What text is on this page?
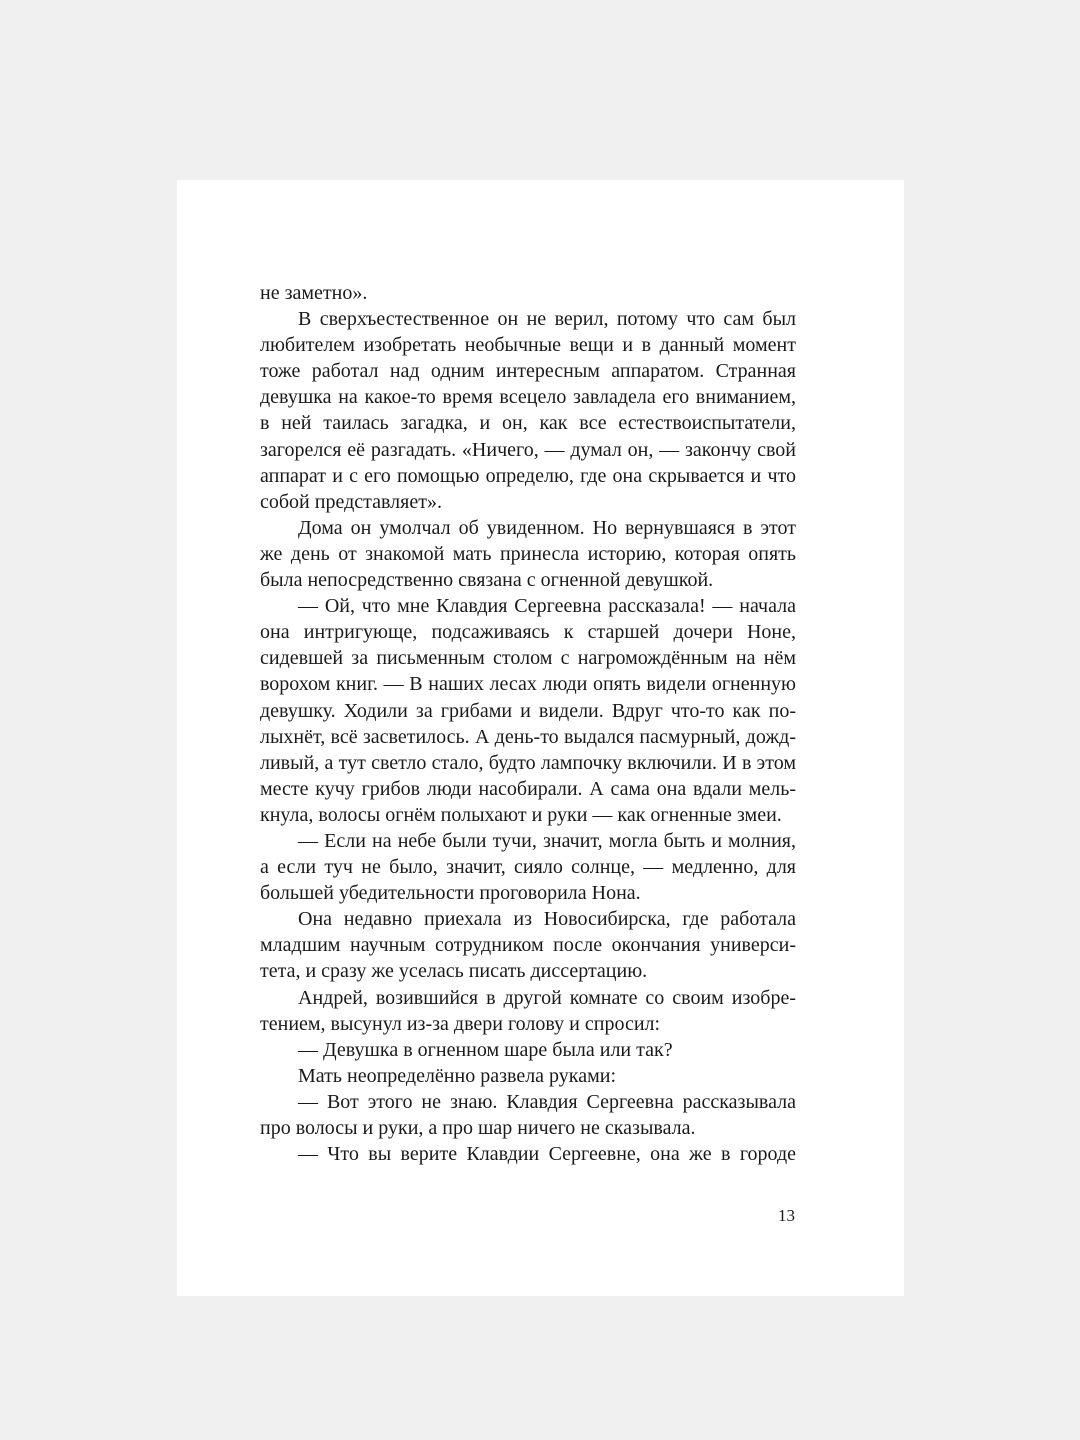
не заметно».

В сверхъестественное он не верил, потому что сам был любителем изобретать необычные вещи и в данный момент тоже работал над одним интересным аппаратом. Странная девушка на какое-то время всецело завладела его вниманием, в ней таилась загадка, и он, как все естествоиспытатели, загорелся её разгадать. «Ничего, — думал он, — закончу свой аппарат и с его помощью определю, где она скрывается и что собой представляет».

Дома он умолчал об увиденном. Но вернувшаяся в этот же день от знакомой мать принесла историю, которая опять была непосредственно связана с огненной девушкой.

— Ой, что мне Клавдия Сергеевна рассказала! — начала она интригующе, подсаживаясь к старшей дочери Ноне, сидевшей за письменным столом с нагромождённым на нём ворохом книг. — В наших лесах люди опять видели огненную девушку. Ходили за грибами и видели. Вдруг что-то как полыхнёт, всё засветилось. А день-то выдался пасмурный, дождливый, а тут светло стало, будто лампочку включили. И в этом месте кучу грибов люди насобирали. А сама она вдали мелькнула, волосы огнём полыхают и руки — как огненные змеи.

— Если на небе были тучи, значит, могла быть и молния, а если туч не было, значит, сияло солнце, — медленно, для большей убедительности проговорила Нона.

Она недавно приехала из Новосибирска, где работала младшим научным сотрудником после окончания университета, и сразу же уселась писать диссертацию.

Андрей, возившийся в другой комнате со своим изобретением, высунул из-за двери голову и спросил:

— Девушка в огненном шаре была или так?

Мать неопределённо развела руками:

— Вот этого не знаю. Клавдия Сергеевна рассказывала про волосы и руки, а про шар ничего не сказывала.

— Что вы верите Клавдии Сергеевне, она же в городе

13
